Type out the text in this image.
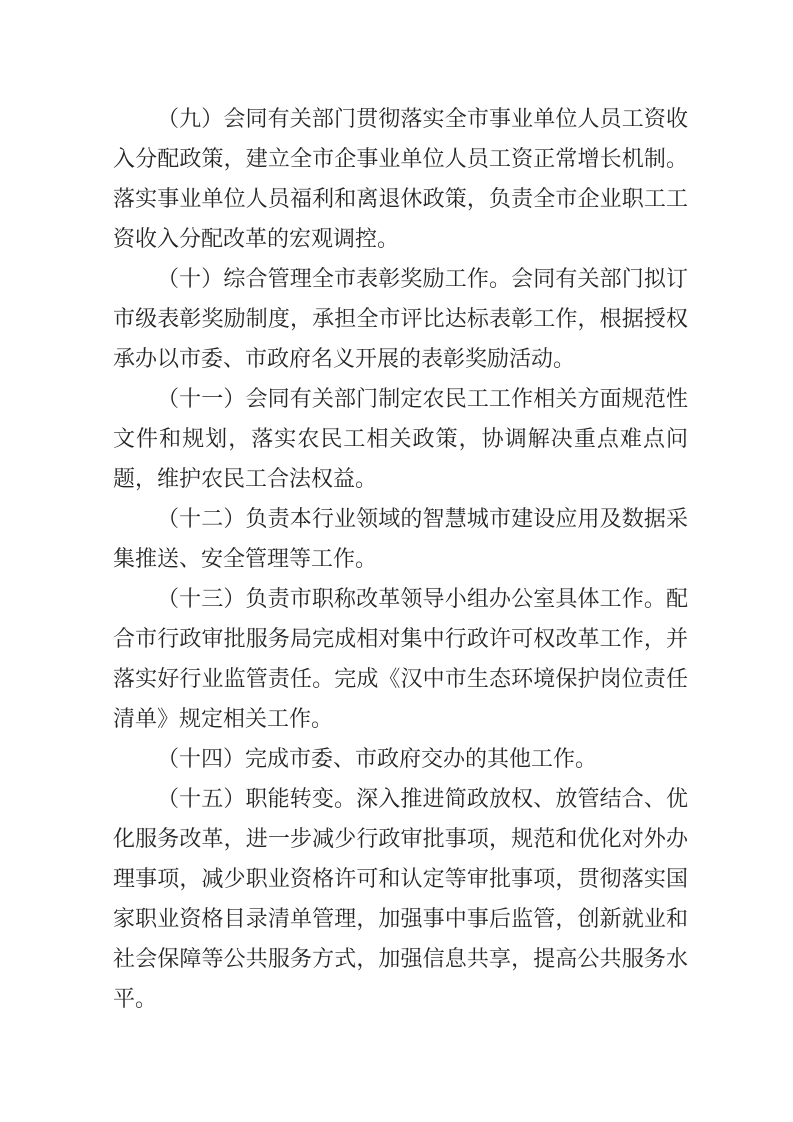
（九）会同有关部门贯彻落实全市事业单位人员工资收入分配政策，建立全市企事业单位人员工资正常增长机制。落实事业单位人员福利和离退休政策，负责全市企业职工工资收入分配改革的宏观调控。

（十）综合管理全市表彰奖励工作。会同有关部门拟订市级表彰奖励制度，承担全市评比达标表彰工作，根据授权承办以市委、市政府名义开展的表彰奖励活动。

（十一）会同有关部门制定农民工工作相关方面规范性文件和规划，落实农民工相关政策，协调解决重点难点问题，维护农民工合法权益。

（十二）负责本行业领域的智慧城市建设应用及数据采集推送、安全管理等工作。

（十三）负责市职称改革领导小组办公室具体工作。配合市行政审批服务局完成相对集中行政许可权改革工作，并落实好行业监管责任。完成《汉中市生态环境保护岗位责任清单》规定相关工作。

（十四）完成市委、市政府交办的其他工作。

（十五）职能转变。深入推进简政放权、放管结合、优化服务改革，进一步减少行政审批事项，规范和优化对外办理事项，减少职业资格许可和认定等审批事项，贯彻落实国家职业资格目录清单管理，加强事中事后监管，创新就业和社会保障等公共服务方式，加强信息共享，提高公共服务水平。
